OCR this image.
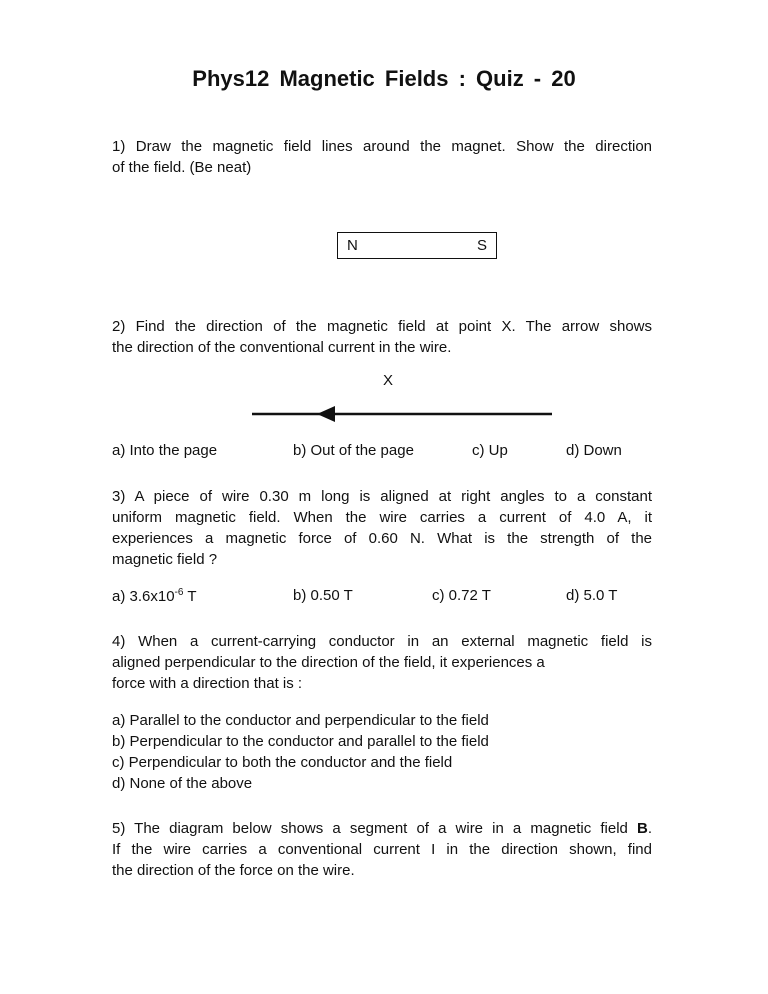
Phys12 Magnetic Fields : Quiz - 20
1) Draw the magnetic field lines around the magnet. Show the direction
of the field. (Be neat)
N	S
2) Find the direction of the magnetic field at point X. The arrow shows
the direction of the conventional current in the wire.
X
a) Into the page	b) Out of the page	c) Up	d) Down
3) A piece of wire 0.30 m long is aligned at right angles to a constant
uniform magnetic field. When the wire carries a current of 4.0 A, it
experiences a magnetic force of 0.60 N. What is the strength of the
magnetic field ?
a) $3.6x10^{-6}$ T	b) 0.50 T	c) 0.72 T	d) 5.0 T
4) When a current-carrying conductor in an external magnetic field is
aligned perpendicular to the direction of the field, it experiences a
force with a direction that is :
a) Parallel to the conductor and perpendicular to the field
b) Perpendicular to the conductor and parallel to the field
c) Perpendicular to both the conductor and the field
d) None of the above
5) The diagram below shows a segment of a wire in a magnetic field B.
If the wire carries a conventional current I in the direction shown, find
the direction of the force on the wire.
